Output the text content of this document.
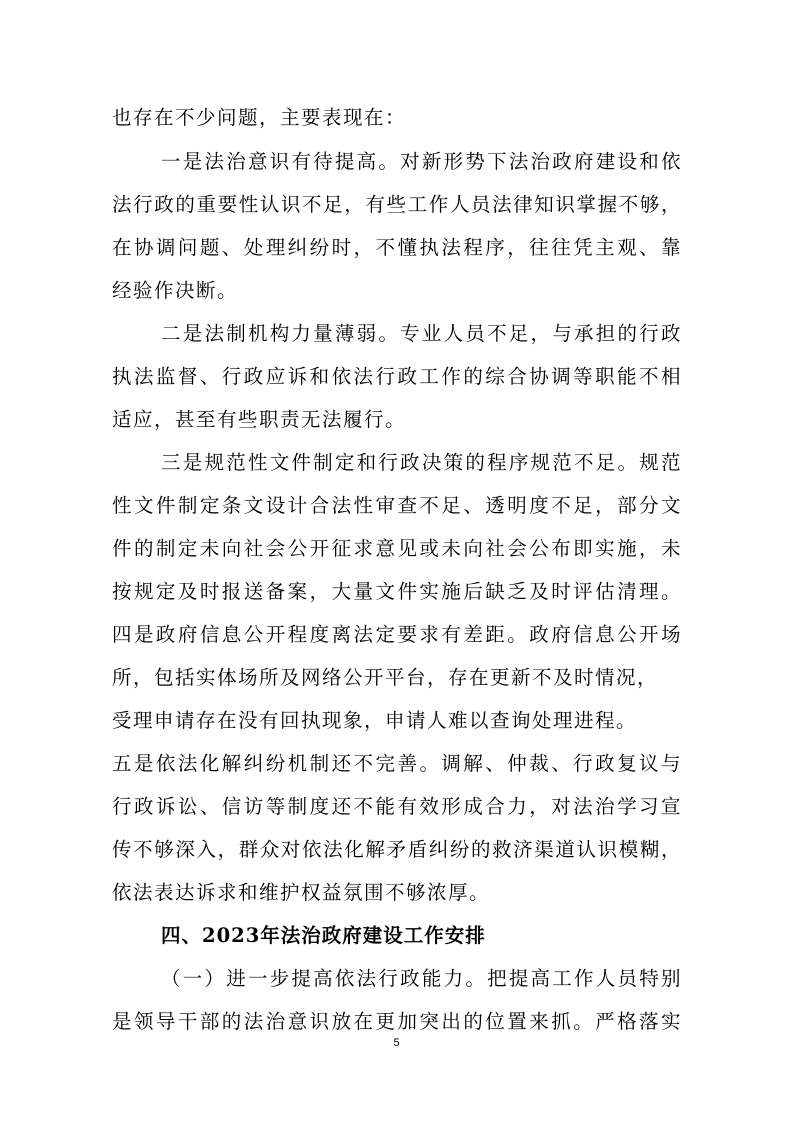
也存在不少问题，主要表现在：
一是法治意识有待提高。对新形势下法治政府建设和依
法行政的重要性认识不足，有些工作人员法律知识掌握不够，
在协调问题、处理纠纷时，不懂执法程序，往往凭主观、靠
经验作决断。
二是法制机构力量薄弱。专业人员不足，与承担的行政
执法监督、行政应诉和依法行政工作的综合协调等职能不相
适应，甚至有些职责无法履行。
三是规范性文件制定和行政决策的程序规范不足。规范
性文件制定条文设计合法性审查不足、透明度不足，部分文
件的制定未向社会公开征求意见或未向社会公布即实施，未
按规定及时报送备案，大量文件实施后缺乏及时评估清理。
四是政府信息公开程度离法定要求有差距。政府信息公开场
所，包括实体场所及网络公开平台，存在更新不及时情况，
受理申请存在没有回执现象，申请人难以查询处理进程。
五是依法化解纠纷机制还不完善。调解、仲裁、行政复议与
行政诉讼、信访等制度还不能有效形成合力，对法治学习宣
传不够深入，群众对依法化解矛盾纠纷的救济渠道认识模糊，
依法表达诉求和维护权益氛围不够浓厚。
四、2023年法治政府建设工作安排
（一）进一步提高依法行政能力。把提高工作人员特别
是领导干部的法治意识放在更加突出的位置来抓。严格落实
5
